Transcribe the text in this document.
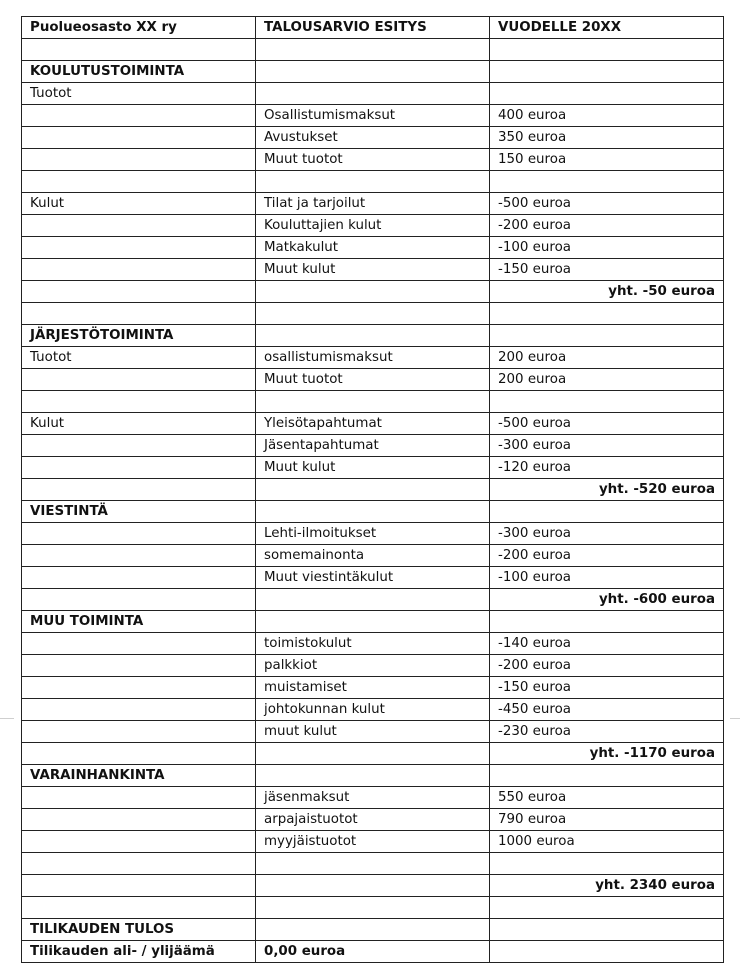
Puolueosasto XX ry	TALOUSARVIO ESITYS	VUODELLE 20XX

KOULUTUSTOIMINTA		
Tuotot		
	Osallistumismaksut	400 euroa
	Avustukset	350 euroa
	Muut tuotot	150 euroa

Kulut	Tilat ja tarjoilut	-500 euroa
	Kouluttajien kulut	-200 euroa
	Matkakulut	-100 euroa
	Muut kulut	-150 euroa
		yht. -50 euroa

JÄRJESTÖTOIMINTA		
Tuotot	osallistumismaksut	200 euroa
	Muut tuotot	200 euroa

Kulut	Yleisötapahtumat	-500 euroa
	Jäsentapahtumat	-300 euroa
	Muut kulut	-120 euroa
		yht. -520 euroa
VIESTINTÄ		
	Lehti-ilmoitukset	-300 euroa
	somemainonta	-200 euroa
	Muut viestintäkulut	-100 euroa
		yht. -600 euroa
MUU TOIMINTA		
	toimistokulut	-140 euroa
	palkkiot	-200 euroa
	muistamiset	-150 euroa
	johtokunnan kulut	-450 euroa
	muut kulut	-230 euroa
		yht. -1170 euroa
VARAINHANKINTA		
	jäsenmaksut	550 euroa
	arpajaistuotot	790 euroa
	myyjäistuotot	1000 euroa

		yht. 2340 euroa

TILIKAUDEN TULOS		
Tilikauden ali- / ylijäämä	0,00 euroa	
